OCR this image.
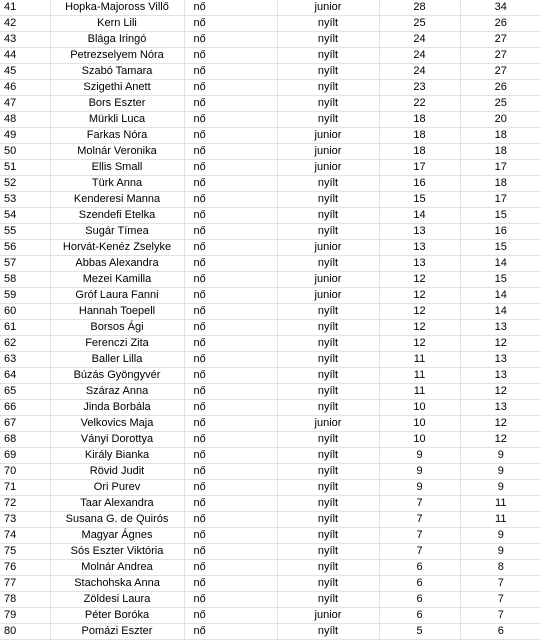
41	Hopka-Majoross Villő	nő	junior	28	34
42	Kern Lili	nő	nyílt	25	26
43	Blága Iringó	nő	nyílt	24	27
44	Petrezselyem Nóra	nő	nyílt	24	27
45	Szabó Tamara	nő	nyílt	24	27
46	Szigethi Anett	nő	nyílt	23	26
47	Bors Eszter	nő	nyílt	22	25
48	Mürkli Luca	nő	nyílt	18	20
49	Farkas Nóra	nő	junior	18	18
50	Molnár Veronika	nő	junior	18	18
51	Ellis Small	nő	junior	17	17
52	Türk Anna	nő	nyílt	16	18
53	Kenderesi Manna	nő	nyílt	15	17
54	Szendefi Etelka	nő	nyílt	14	15
55	Sugár Tímea	nő	nyílt	13	16
56	Horvát-Kenéz Zselyke	nő	junior	13	15
57	Abbas Alexandra	nő	nyílt	13	14
58	Mezei Kamilla	nő	junior	12	15
59	Gróf Laura Fanni	nő	junior	12	14
60	Hannah Toepell	nő	nyílt	12	14
61	Borsos Ági	nő	nyílt	12	13
62	Ferenczi Zita	nő	nyílt	12	12
63	Baller Lilla	nő	nyílt	11	13
64	Búzás Gyöngyvér	nő	nyílt	11	13
65	Száraz Anna	nő	nyílt	11	12
66	Jinda Borbála	nő	nyílt	10	13
67	Velkovics Maja	nő	junior	10	12
68	Ványi Dorottya	nő	nyílt	10	12
69	Király Bianka	nő	nyílt	9	9
70	Rövid Judit	nő	nyílt	9	9
71	Ori Purev	nő	nyílt	9	9
72	Taar Alexandra	nő	nyílt	7	11
73	Susana G. de Quirós	nő	nyílt	7	11
74	Magyar Ágnes	nő	nyílt	7	9
75	Sós Eszter Viktória	nő	nyílt	7	9
76	Molnár Andrea	nő	nyílt	6	8
77	Stachohska Anna	nő	nyílt	6	7
78	Zöldesi Laura	nő	nyílt	6	7
79	Péter Boróka	nő	junior	6	7
80	Pomázi Eszter	nő	nyílt	5	6
